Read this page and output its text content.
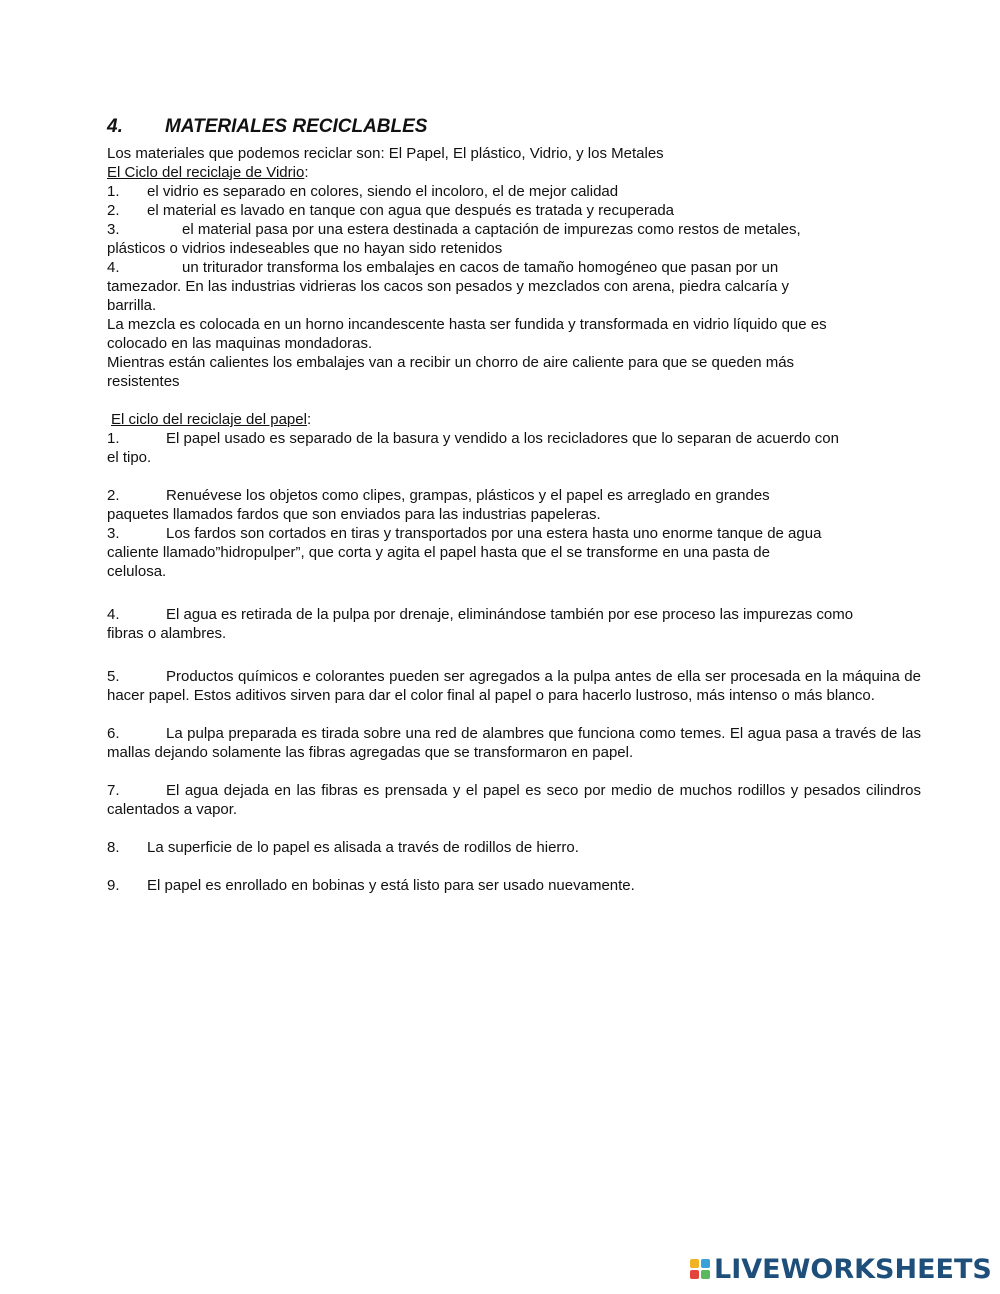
4. MATERIALES RECICLABLES

Los materiales que podemos reciclar son: El Papel, El plástico, Vidrio, y los Metales

El Ciclo del reciclaje de Vidrio:

1. el vidrio es separado en colores, siendo el incoloro, el de mejor calidad

2. el material es lavado en tanque con agua que después es tratada y recuperada

3.	el material pasa por una estera destinada a captación de impurezas como restos de metales,

plásticos o vidrios indeseables que no hayan sido retenidos

4.	un triturador transforma los embalajes en cacos de tamaño homogéneo que pasan por un

tamezador. En las industrias vidrieras los cacos son pesados y mezclados con arena, piedra calcaría y

barrilla.

La mezcla es colocada en un horno incandescente hasta ser fundida y transformada en vidrio líquido que es

colocado en las maquinas mondadoras.

Mientras están calientes los embalajes van a recibir un chorro de aire caliente para que se queden más

resistentes

El ciclo del reciclaje del papel:

1.	El papel usado es separado de la basura y vendido a los recicladores que lo separan de acuerdo con

el tipo.

2.	Renuévese los objetos como clipes, grampas, plásticos y el papel es arreglado en grandes

paquetes llamados fardos que son enviados para las industrias papeleras.

3.	Los fardos son cortados en tiras y transportados por una estera hasta uno enorme tanque de agua

caliente llamado”hidropulper”, que corta y agita el papel hasta que el se transforme en una pasta de

celulosa.

4.	El agua es retirada de la pulpa por drenaje, eliminándose también por ese proceso las impurezas como

fibras o alambres.

5.	Productos químicos e colorantes pueden ser agregados a la pulpa antes de ella ser procesada en la máquina de hacer papel. Estos aditivos sirven para dar el color final al papel o para hacerlo lustroso, más intenso o más blanco.

6.	La pulpa preparada es tirada sobre una red de alambres que funciona como temes. El agua pasa a través de las mallas dejando solamente las fibras agregadas que se transformaron en papel.

7.	El agua dejada en las fibras es prensada y el papel es seco por medio de muchos rodillos y pesados cilindros calentados a vapor.

8. La superficie de lo papel es alisada a través de rodillos de hierro.

9. El papel es enrollado en bobinas y está listo para ser usado nuevamente.

LIVEWORKSHEETS
